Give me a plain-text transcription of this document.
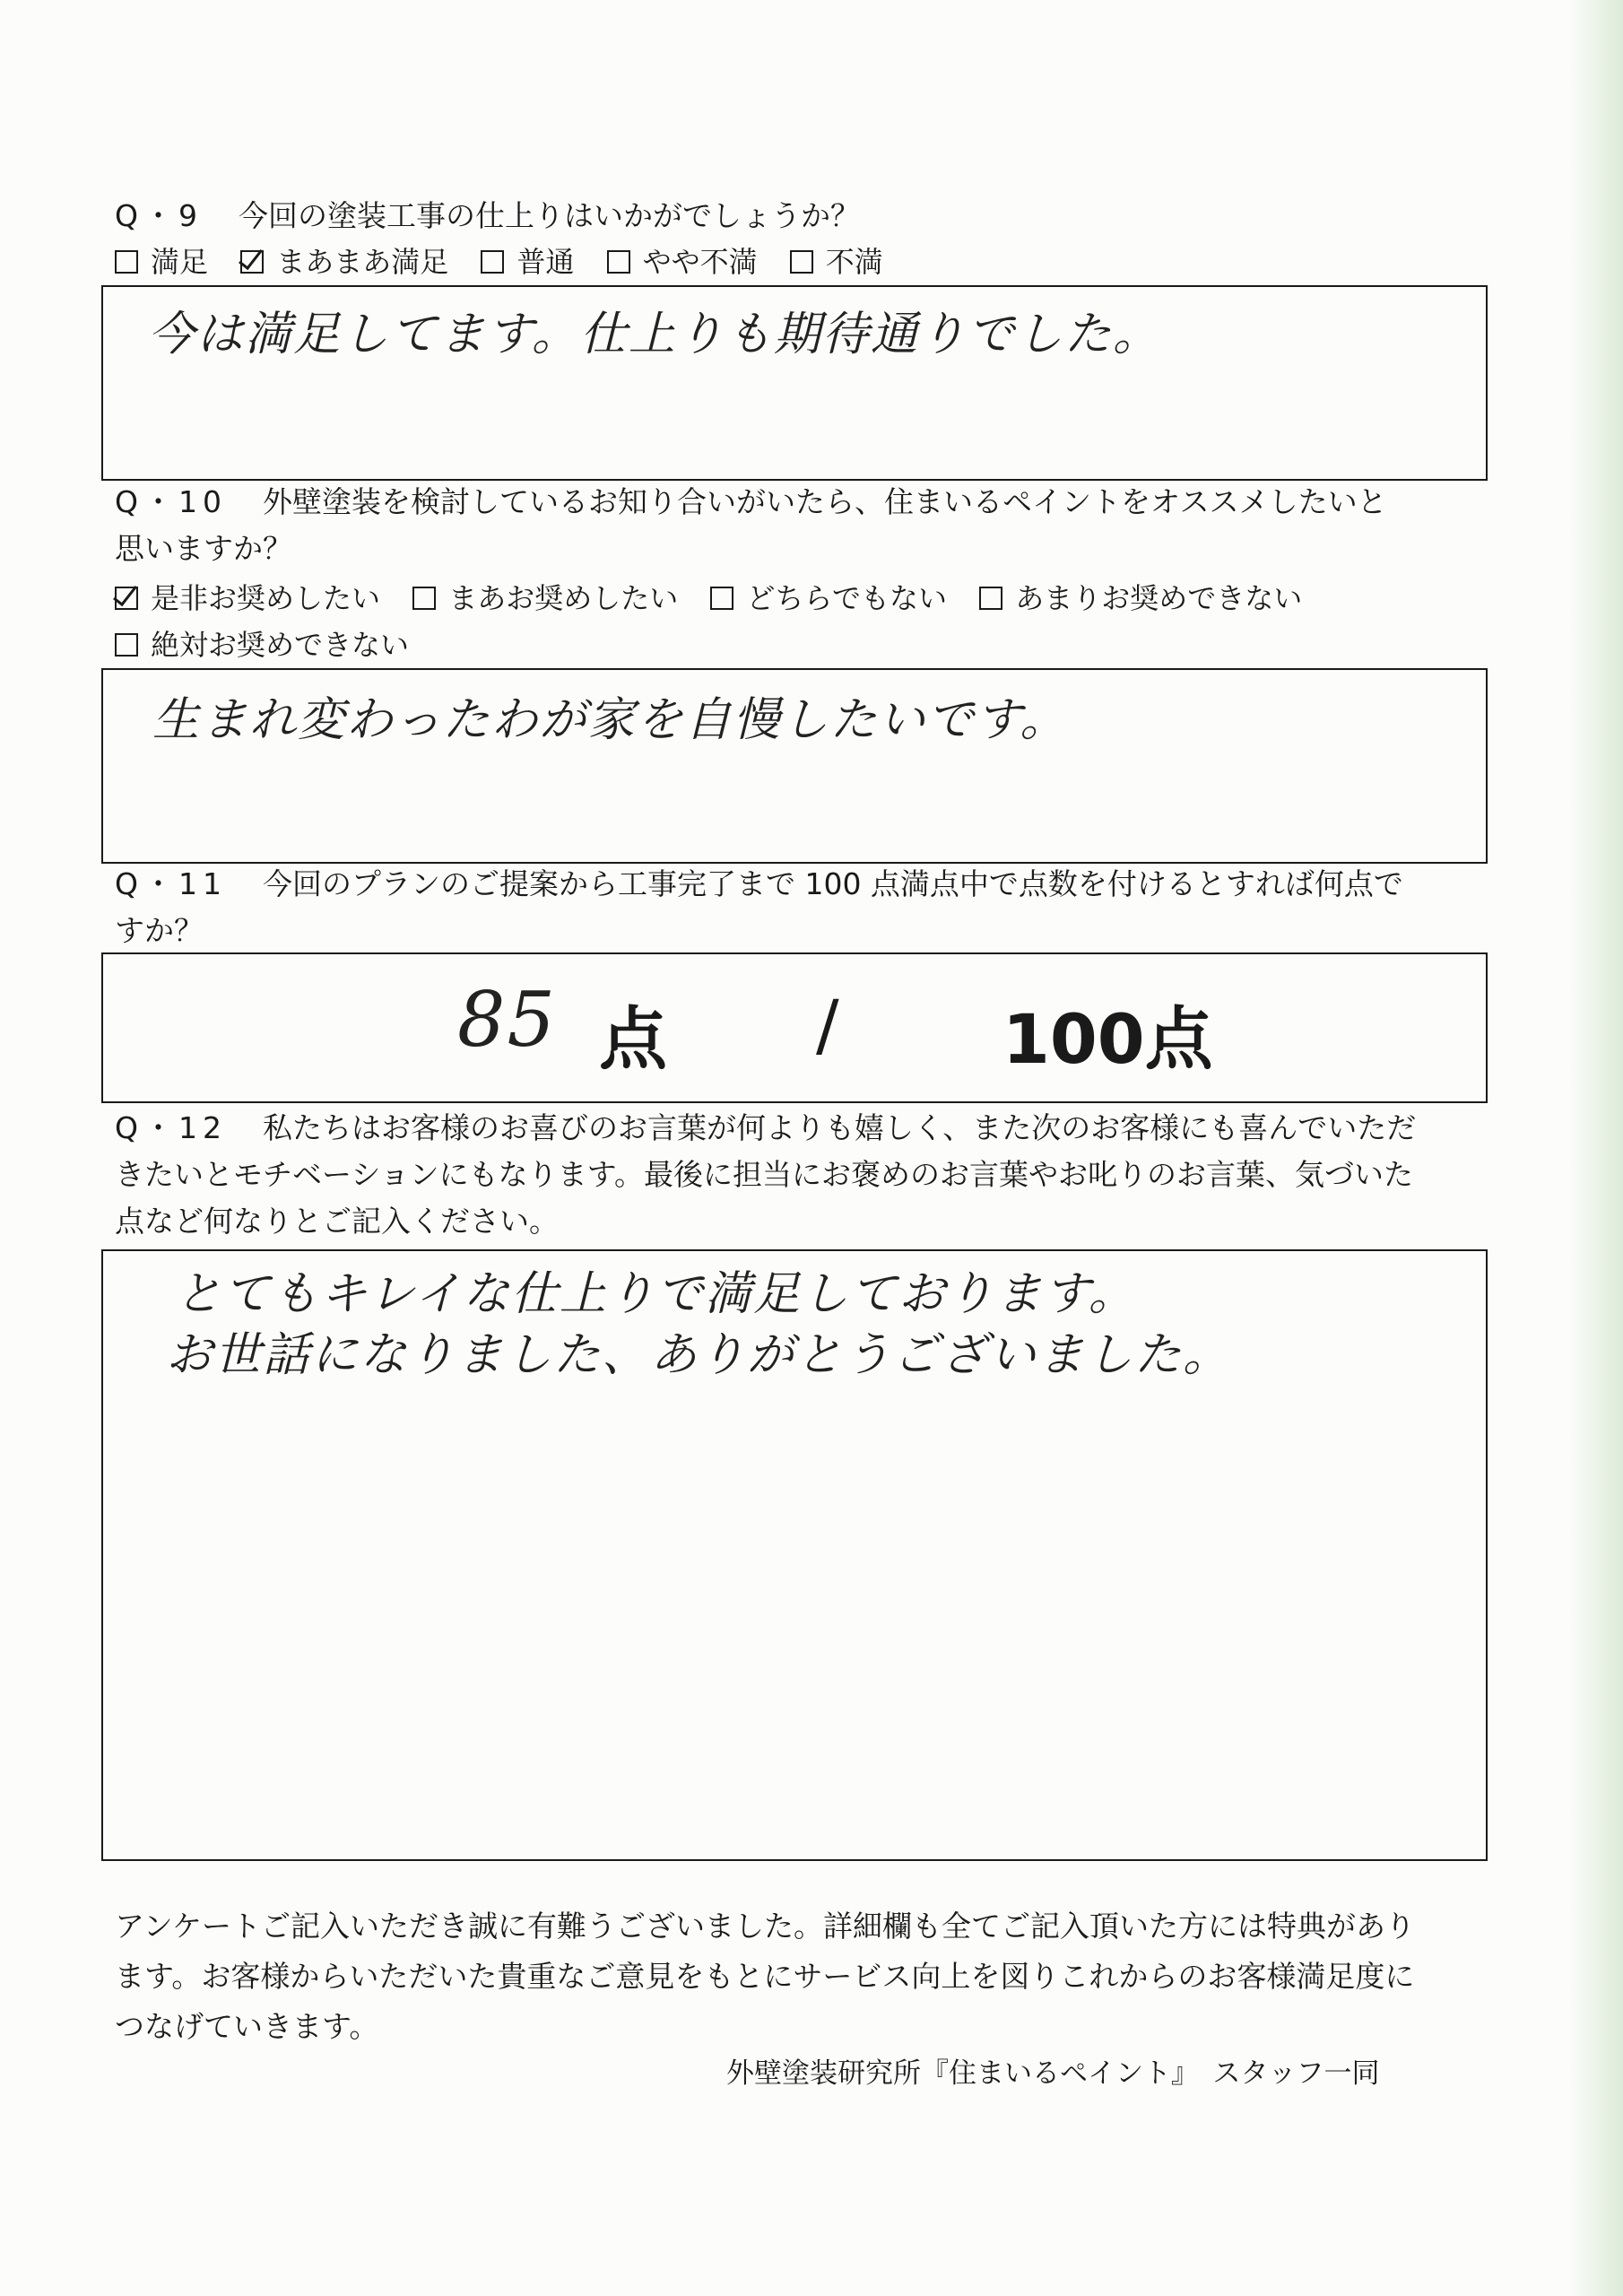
Q・9 今回の塗装工事の仕上りはいかがでしょうか？
満足
まあまあ満足
普通
やや不満
不満
今は満足してます。仕上りも期待通りでした。
Q・10 外壁塗装を検討しているお知り合いがいたら、住まいるペイントをオススメしたいと
思いますか？
是非お奨めしたい
まあお奨めしたい
どちらでもない
あまりお奨めできない
絶対お奨めできない
生まれ変わったわが家を自慢したいです。
Q・11 今回のプランのご提案から工事完了まで 100 点満点中で点数を付けるとすれば何点で
すか？
85 点 / 100点
Q・12 私たちはお客様のお喜びのお言葉が何よりも嬉しく、また次のお客様にも喜んでいただ
きたいとモチベーションにもなります。最後に担当にお褒めのお言葉やお叱りのお言葉、気づいた
点など何なりとご記入ください。
とてもキレイな仕上りで満足しております。
お世話になりました、ありがとうございました。
アンケートご記入いただき誠に有難うございました。詳細欄も全てご記入頂いた方には特典があり
ます。お客様からいただいた貴重なご意見をもとにサービス向上を図りこれからのお客様満足度に
つなげていきます。
外壁塗装研究所『住まいるペイント』　スタッフ一同
